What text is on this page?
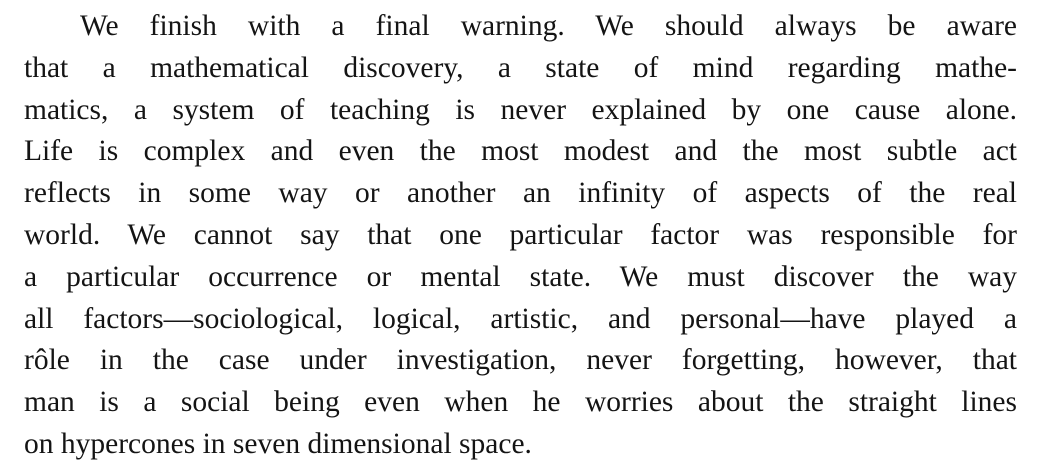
We finish with a final warning. We should always be aware
that a mathematical discovery, a state of mind regarding mathe-
matics, a system of teaching is never explained by one cause alone.
Life is complex and even the most modest and the most subtle act
reflects in some way or another an infinity of aspects of the real
world. We cannot say that one particular factor was responsible for
a particular occurrence or mental state. We must discover the way
all factors—sociological, logical, artistic, and personal—have played a
rôle in the case under investigation, never forgetting, however, that
man is a social being even when he worries about the straight lines
on hypercones in seven dimensional space.
